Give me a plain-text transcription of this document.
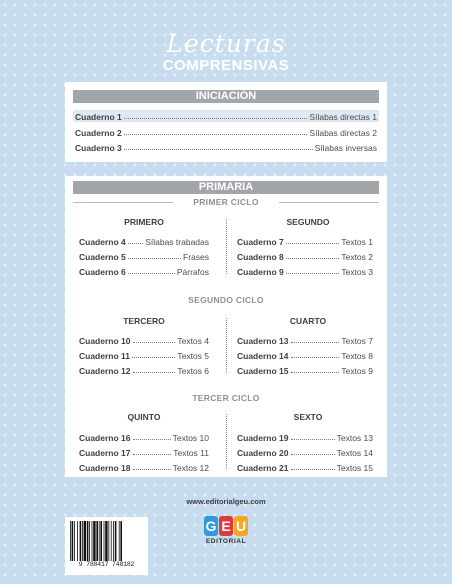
Lecturas
COMPRENSIVAS
INICIACIÓN
Cuaderno 1	Sílabas directas 1
Cuaderno 2	Sílabas directas 2
Cuaderno 3	Sílabas inversas
PRIMARIA
PRIMER CICLO
PRIMERO	SEGUNDO
Cuaderno 4 Sílabas trabadas
Cuaderno 5	Frases
Cuaderno 6	Párrafos
Cuaderno 7	Textos 1
Cuaderno 8	Textos 2
Cuaderno 9	Textos 3
SEGUNDO CICLO
TERCERO	CUARTO
Cuaderno 10	Textos 4
Cuaderno 11	Textos 5
Cuaderno 12	Textos 6
Cuaderno 13	Textos 7
Cuaderno 14	Textos 8
Cuaderno 15	Textos 9
TERCER CICLO
QUINTO	SEXTO
Cuaderno 16	Textos 10
Cuaderno 17	Textos 11
Cuaderno 18	Textos 12
Cuaderno 19	Textos 13
Cuaderno 20	Textos 14
Cuaderno 21	Textos 15
www.editorialgeu.com
9 788417 748182
G E U
EDITORIAL
